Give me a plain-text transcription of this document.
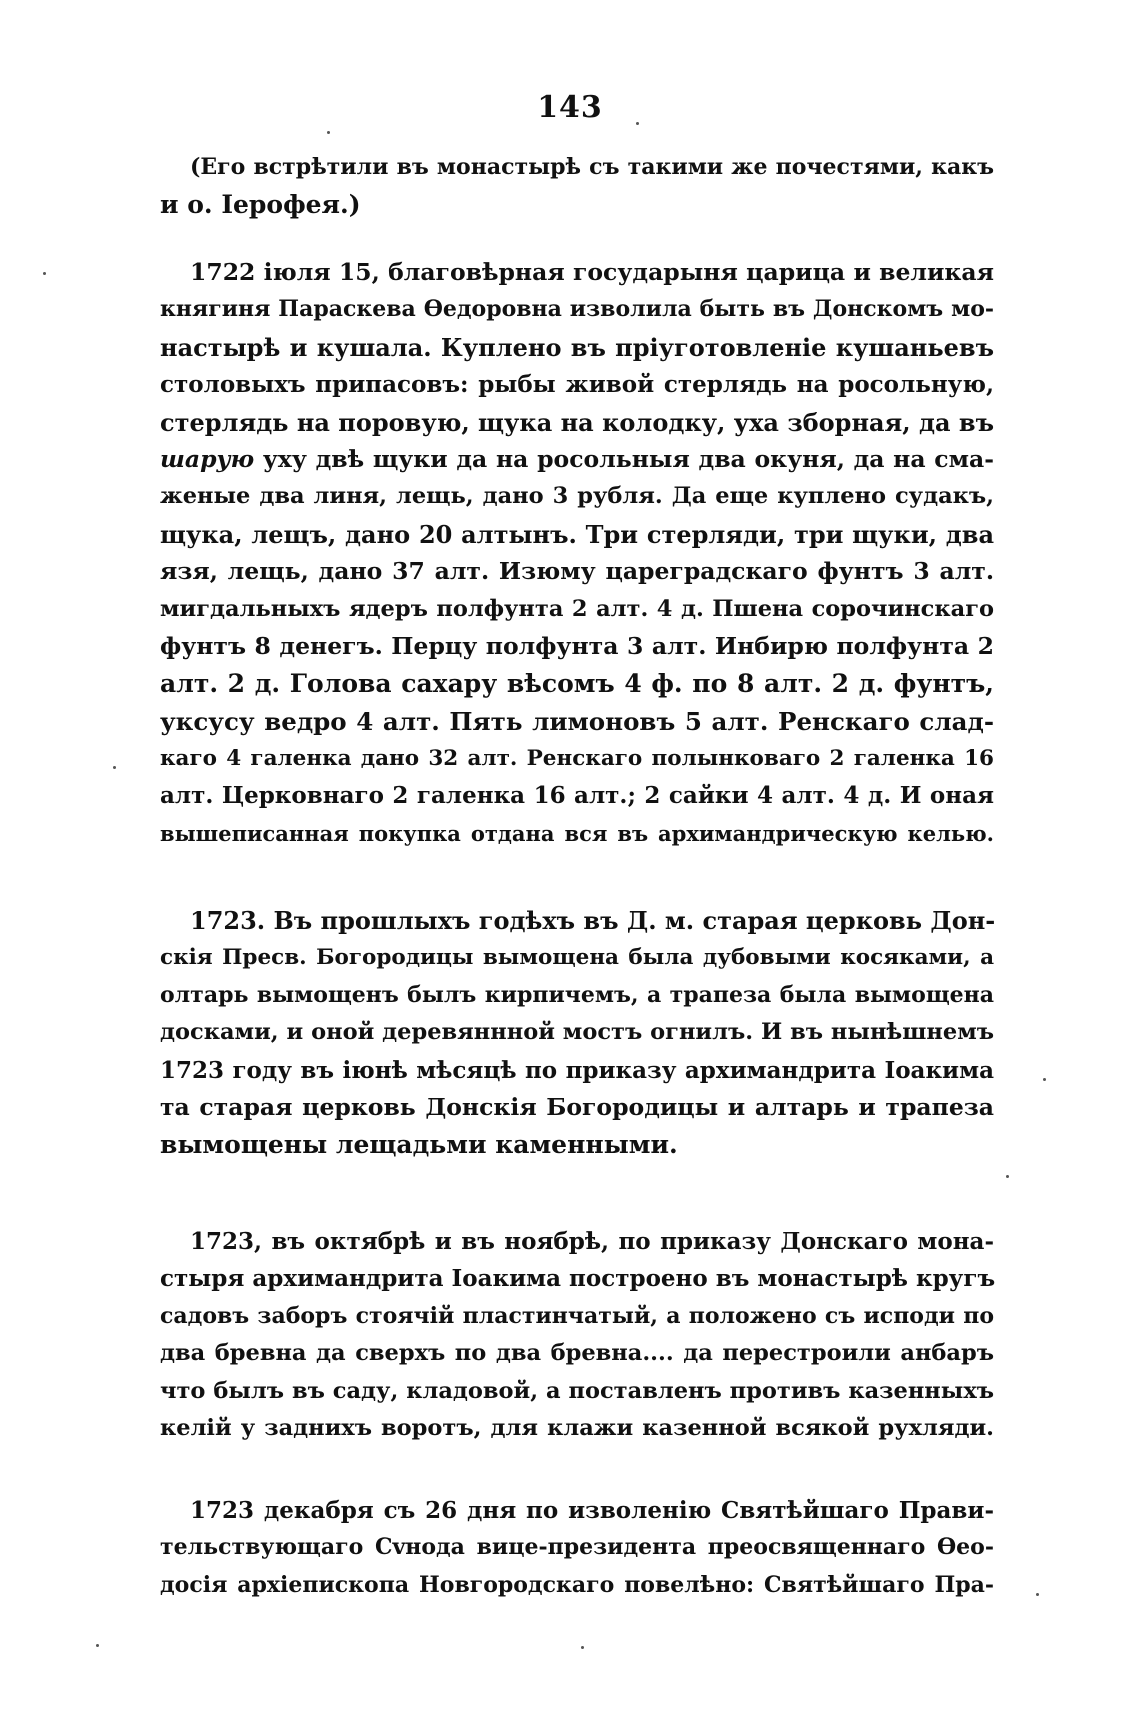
143
(Его встрѣтили въ монастырѣ съ такими же почестями, какъ
и о. Іерофея.)
1722 іюля 15, благовѣрная государыня царица и великая
княгиня Параскева Өедоровна изволила быть въ Донскомъ мо-
настырѣ и кушала. Куплено въ пріуготовленіе кушаньевъ
столовыхъ припасовъ: рыбы живой стерлядь на росольную,
стерлядь на поровую, щука на колодку, уха зборная, да въ
шарую уху двѣ щуки да на росольныя два окуня, да на сма-
женые два линя, лещь, дано 3 рубля. Да еще куплено судакъ,
щука, лещъ, дано 20 алтынъ. Три стерляди, три щуки, два
язя, лещь, дано 37 алт. Изюму цареградскаго фунтъ 3 алт.
мигдальныхъ ядеръ полфунта 2 алт. 4 д. Пшена сорочинскаго
фунтъ 8 денегъ. Перцу полфунта 3 алт. Инбирю полфунта 2
алт. 2 д. Голова сахару вѣсомъ 4 ф. по 8 алт. 2 д. фунтъ,
уксусу ведро 4 алт. Пять лимоновъ 5 алт. Ренскаго слад-
каго 4 галенка дано 32 алт. Ренскаго полынковаго 2 галенка 16
алт. Церковнаго 2 галенка 16 алт.; 2 сайки 4 алт. 4 д. И оная
вышеписанная покупка отдана вся въ архимандрическую келью.
1723. Въ прошлыхъ годѣхъ въ Д. м. старая церковь Дон-
скія Пресв. Богородицы вымощена была дубовыми косяками, а
олтарь вымощенъ былъ кирпичемъ, а трапеза была вымощена
досками, и оной деревяннной мостъ огнилъ. И въ нынѣшнемъ
1723 году въ іюнѣ мѣсяцѣ по приказу архимандрита Іоакима
та старая церковь Донскія Богородицы и алтарь и трапеза
вымощены лещадьми каменными.
1723, въ октябрѣ и въ ноябрѣ, по приказу Донскаго мона-
стыря архимандрита Іоакима построено въ монастырѣ кругъ
садовъ заборъ стоячій пластинчатый, а положено съ исподи по
два бревна да сверхъ по два бревна.... да перестроили анбаръ
что былъ въ саду, кладовой, а поставленъ противъ казенныхъ
келій у заднихъ воротъ, для клажи казенной всякой рухляди.
1723 декабря съ 26 дня по изволенію Святѣйшаго Прави-
тельствующаго Сvнода вице-президента преосвященнаго Өео-
досія архіепископа Новгородскаго повелѣно: Святѣйшаго Пра-
